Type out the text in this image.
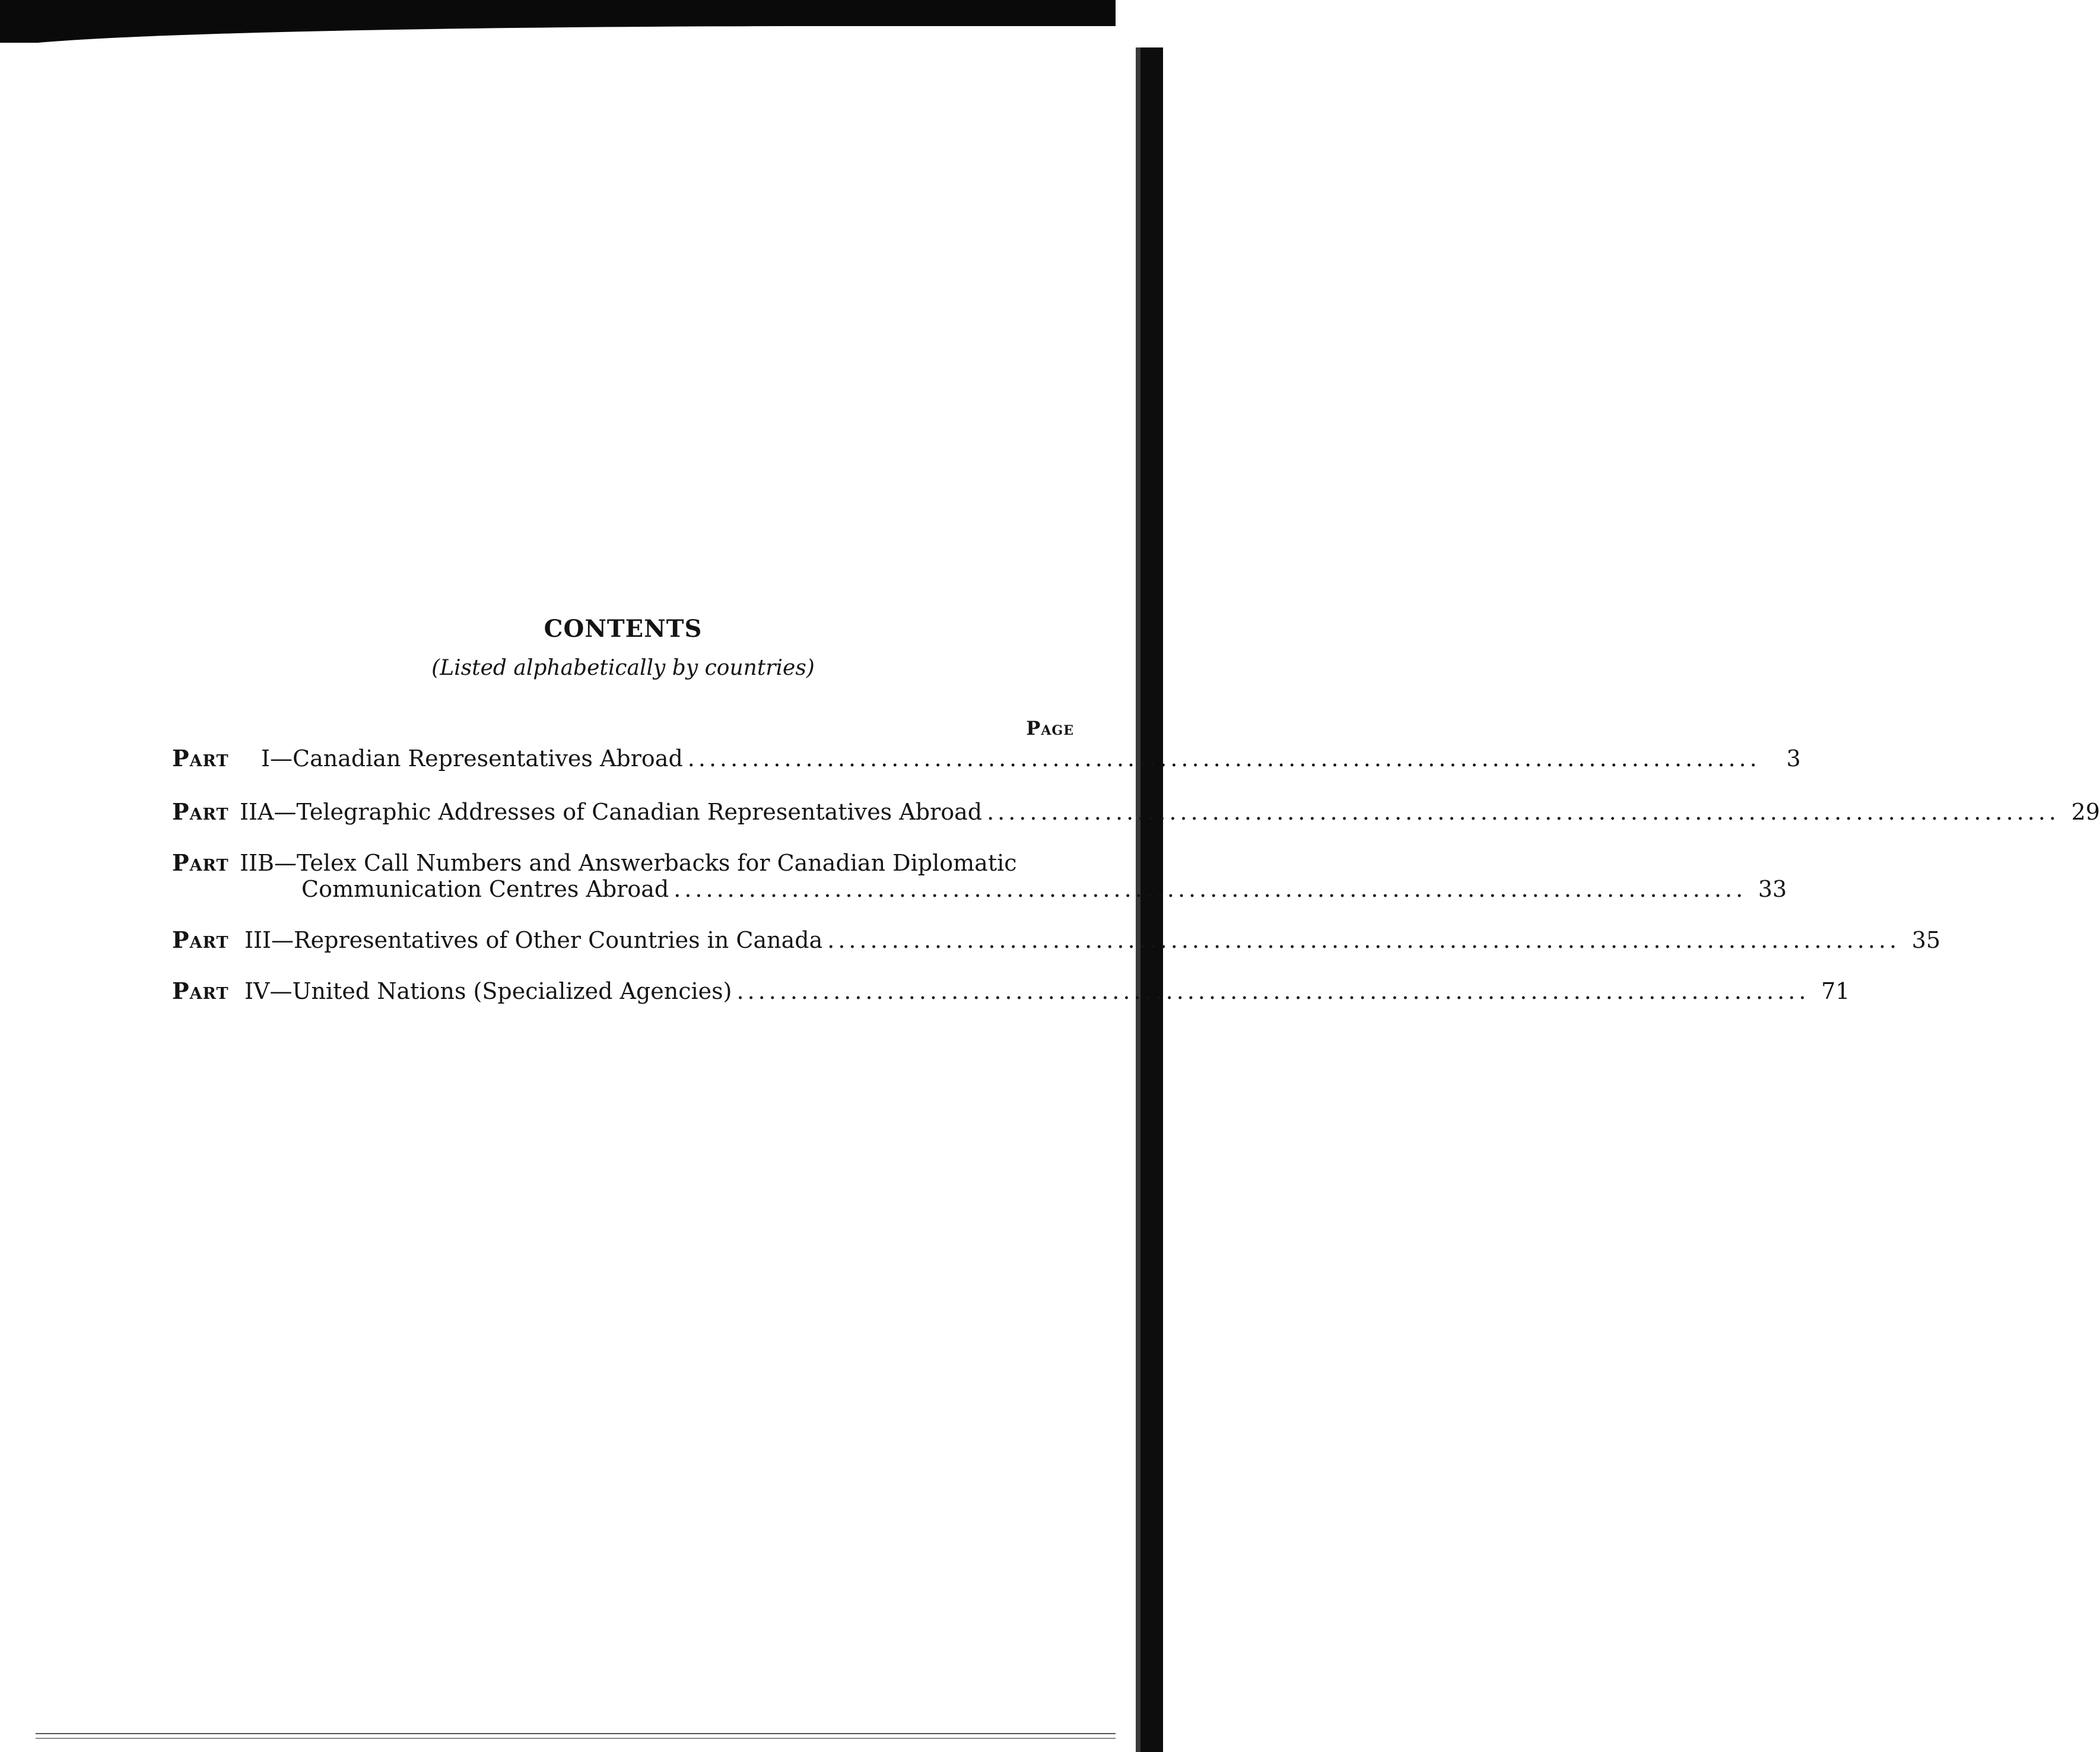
CONTENTS
(Listed alphabetically by countries)
Page
Part	I —Canadian Representatives Abroad ....................................................................................................	3
Part IIA —Telegraphic Addresses of Canadian Representatives Abroad .................................................................................................... 29
Part IIB —Telex Call Numbers and Answerbacks for Canadian Diplomatic
Communication Centres Abroad .................................................................................................... 33
Part III —Representatives of Other Countries in Canada .................................................................................................... 35
Part IV —United Nations (Specialized Agencies) .................................................................................................... 71
